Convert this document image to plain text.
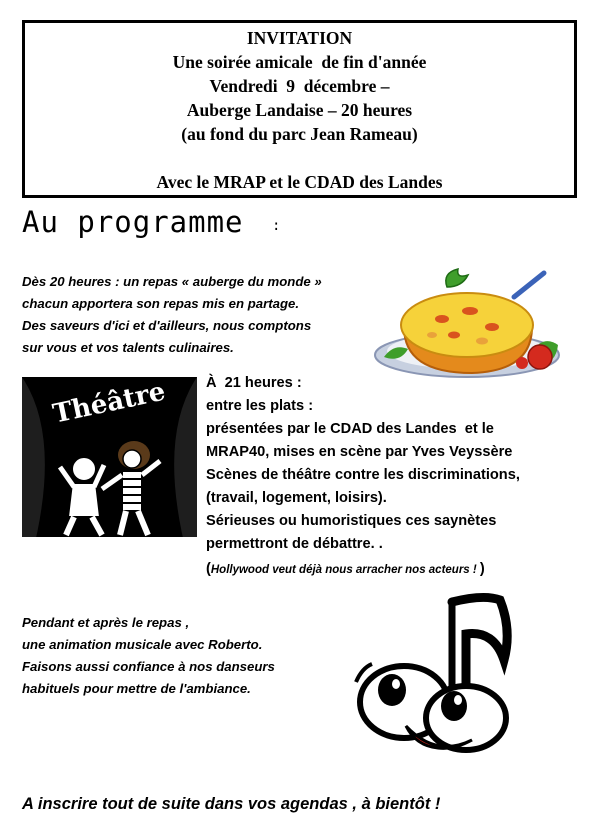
INVITATION
Une soirée amicale  de fin d'année
Vendredi  9  décembre –
Auberge Landaise – 20 heures
(au fond du parc Jean Rameau)
Avec le MRAP et le CDAD des Landes
Au programme :
Dès 20 heures : un repas « auberge du monde »
chacun apportera son repas mis en partage.
Des saveurs d'ici et d'ailleurs, nous comptons
sur vous et vos talents culinaires.
Théâtre	À  21 heures :
entre les plats :
présentées par le CDAD des Landes  et le
MRAP40, mises en scène par Yves Veyssère
Scènes de théâtre contre les discriminations,
(travail, logement, loisirs).
Sérieuses ou humoristiques ces saynètes
permettront de débattre. .
(Hollywood veut déjà nous arracher nos acteurs ! )
Pendant et après le repas ,
une animation musicale avec Roberto.
Faisons aussi confiance à nos danseurs
habituels pour mettre de l'ambiance.
A inscrire tout de suite dans vos agendas , à bientôt !
